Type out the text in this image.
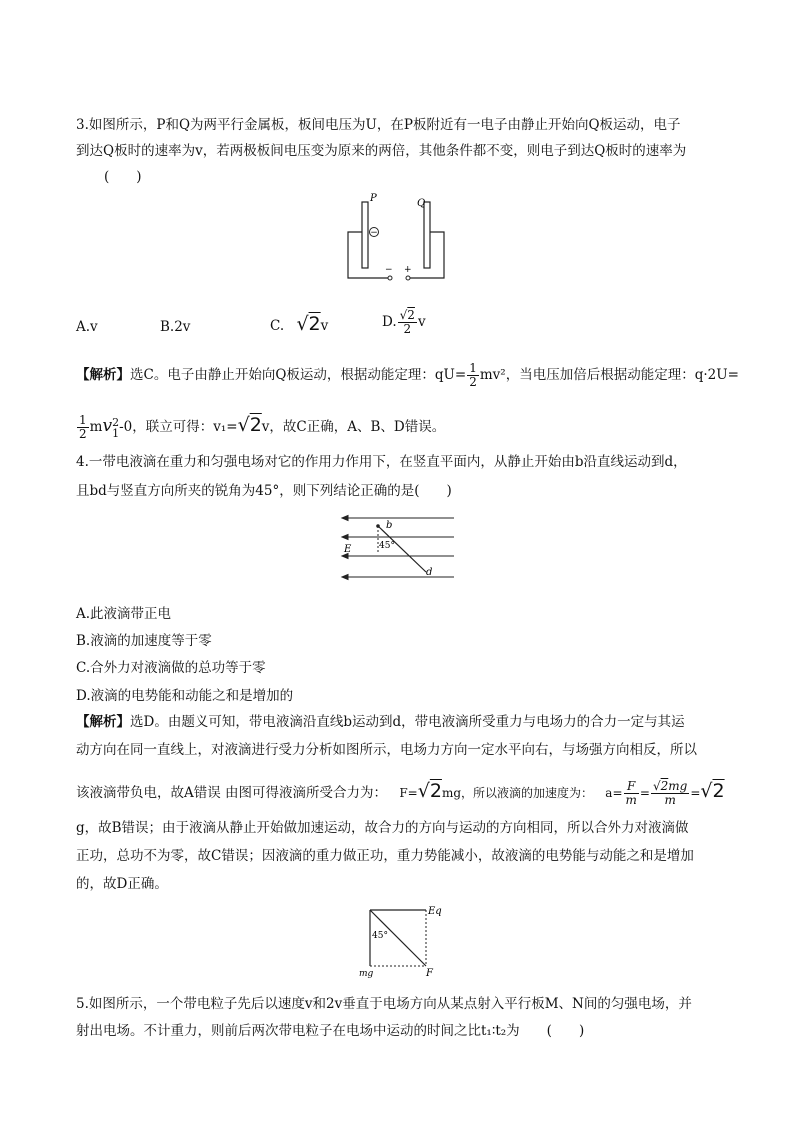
3.如图所示，P和Q为两平行金属板，板间电压为U，在P板附近有一电子由静止开始向Q板运动，电子
到达Q板时的速率为v，若两极板间电压变为原来的两倍，其他条件都不变，则电子到达Q板时的速率为
(　　)
−
P	Q
− +
A.v	B.2v	C. √2v	D. $\frac{√2}{2}$ v
【解析】选C。电子由静止开始向Q板运动，根据动能定理：$qU= \frac{1}{2} mv^2$，当电压加倍后根据动能定理：q·2U=
$\frac{1}{2}$ mv 2
1 -0，联立可得：v₁=√2v，故C正确，A、B、D错误。
4.一带电液滴在重力和匀强电场对它的作用力作用下，在竖直平面内，从静止开始由b沿直线运动到d，
且bd与竖直方向所夹的锐角为45°，则下列结论正确的是(　　)
b
d
E	45°
A.此液滴带正电
B.液滴的加速度等于零
C.合外力对液滴做的总功等于零
D.液滴的电势能和动能之和是增加的
【解析】选D。由题义可知，带电液滴沿直线b运动到d，带电液滴所受重力与电场力的合力一定与其运
动方向在同一直线上，对液滴进行受力分析如图所示，电场力方向一定水平向右，与场强方向相反，所以
该液滴带负电，故A错误 由图可得液滴所受合力为： F=√2mg，所以液滴的加速度为： $a= \frac{F}{m} = \frac{√2mg}{m} =√2$
g，故B错误；由于液滴从静止开始做加速运动，故合力的方向与运动的方向相同，所以合外力对液滴做
正功，总功不为零，故C错误；因液滴的重力做正功，重力势能减小，故液滴的电势能与动能之和是增加
的，故D正确。
Eq
45°
mg	F
5.如图所示，一个带电粒子先后以速度v和2v垂直于电场方向从某点射入平行板M、N间的匀强电场，并
射出电场。不计重力，则前后两次带电粒子在电场中运动的时间之比t₁∶t₂为　　(　　)
